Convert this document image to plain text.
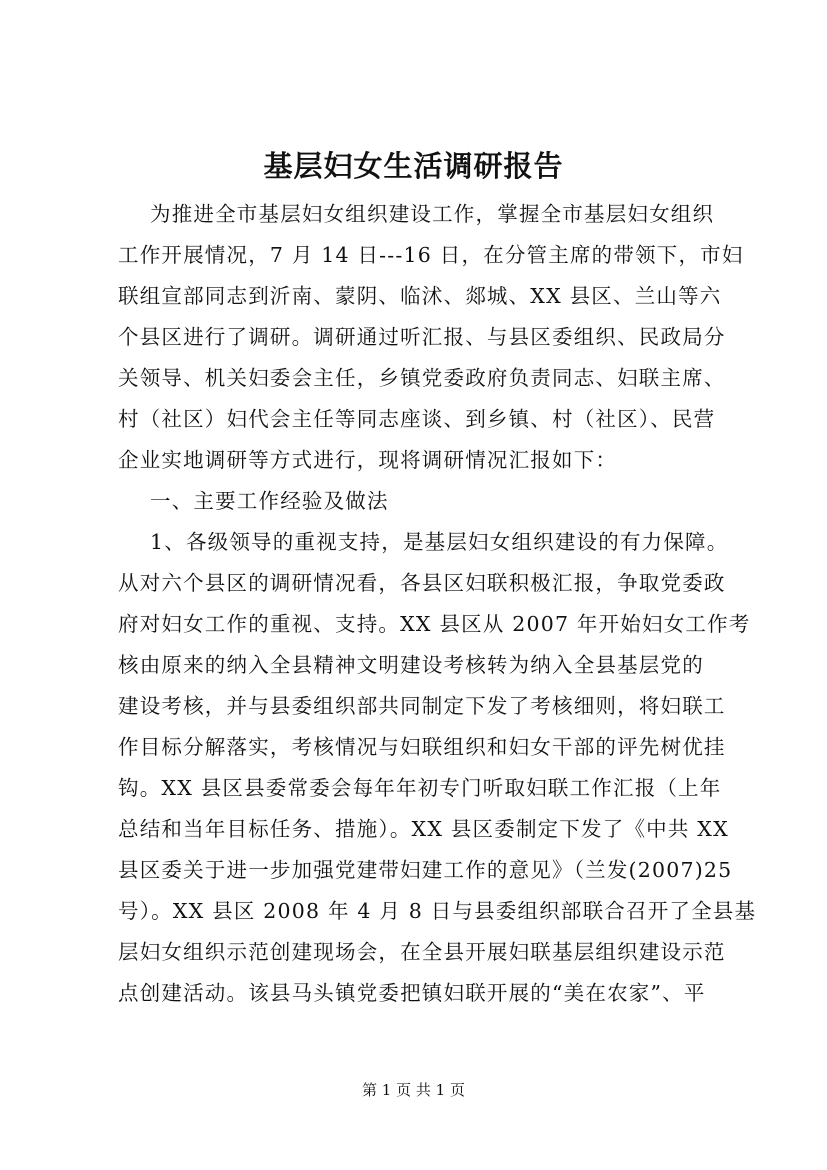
基层妇女生活调研报告
为推进全市基层妇女组织建设工作，掌握全市基层妇女组织
工作开展情况，7 月 14 日---16 日，在分管主席的带领下，市妇
联组宣部同志到沂南、蒙阴、临沭、郯城、XX 县区、兰山等六
个县区进行了调研。调研通过听汇报、与县区委组织、民政局分
关领导、机关妇委会主任，乡镇党委政府负责同志、妇联主席、
村（社区）妇代会主任等同志座谈、到乡镇、村（社区）、民营
企业实地调研等方式进行，现将调研情况汇报如下：
一、主要工作经验及做法
1、各级领导的重视支持，是基层妇女组织建设的有力保障。
从对六个县区的调研情况看，各县区妇联积极汇报，争取党委政
府对妇女工作的重视、支持。XX 县区从 2007 年开始妇女工作考
核由原来的纳入全县精神文明建设考核转为纳入全县基层党的
建设考核，并与县委组织部共同制定下发了考核细则，将妇联工
作目标分解落实，考核情况与妇联组织和妇女干部的评先树优挂
钩。XX 县区县委常委会每年年初专门听取妇联工作汇报（上年
总结和当年目标任务、措施）。XX 县区委制定下发了《中共 XX
县区委关于进一步加强党建带妇建工作的意见》（兰发(2007)25
号）。XX 县区 2008 年 4 月 8 日与县委组织部联合召开了全县基
层妇女组织示范创建现场会，在全县开展妇联基层组织建设示范
点创建活动。该县马头镇党委把镇妇联开展的“美在农家”、平
第 1 页 共 1 页
